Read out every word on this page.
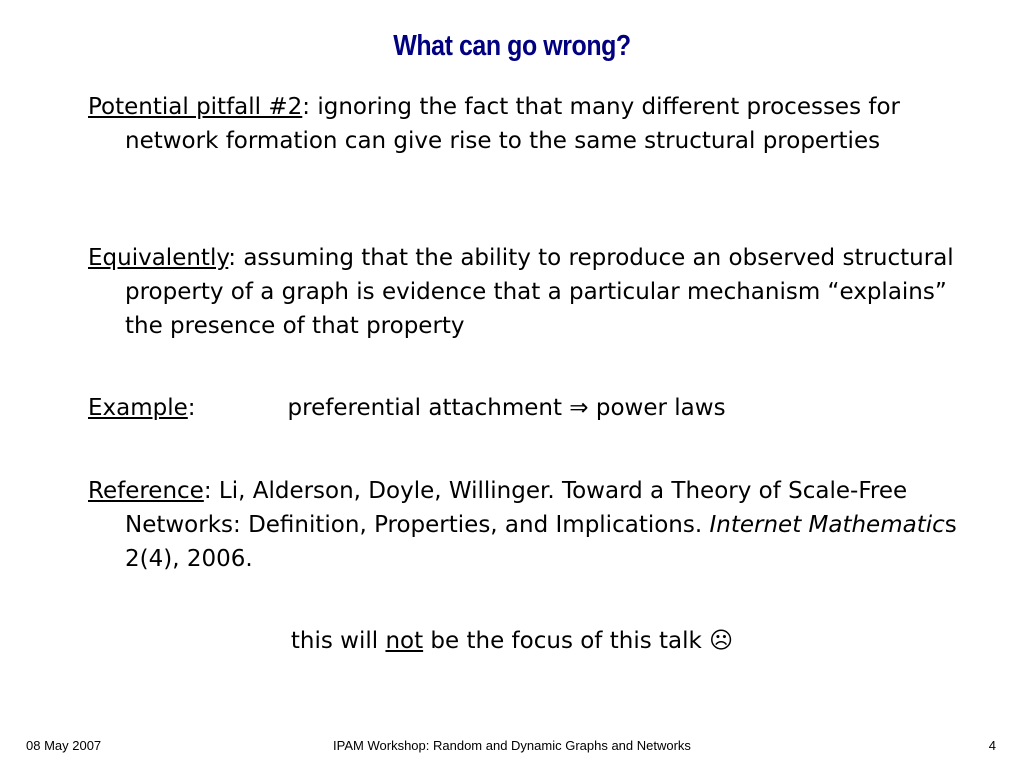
What can go wrong?
Potential pitfall #2: ignoring the fact that many different processes for network formation can give rise to the same structural properties
Equivalently: assuming that the ability to reproduce an observed structural property of a graph is evidence that a particular mechanism “explains” the presence of that property
Example:	preferential attachment ⇒ power laws
Reference: Li, Alderson, Doyle, Willinger. Toward a Theory of Scale-Free Networks: Definition, Properties, and Implications. Internet Mathematics 2(4), 2006.
this will not be the focus of this talk ☹
08 May 2007	IPAM Workshop: Random and Dynamic Graphs and Networks	4
